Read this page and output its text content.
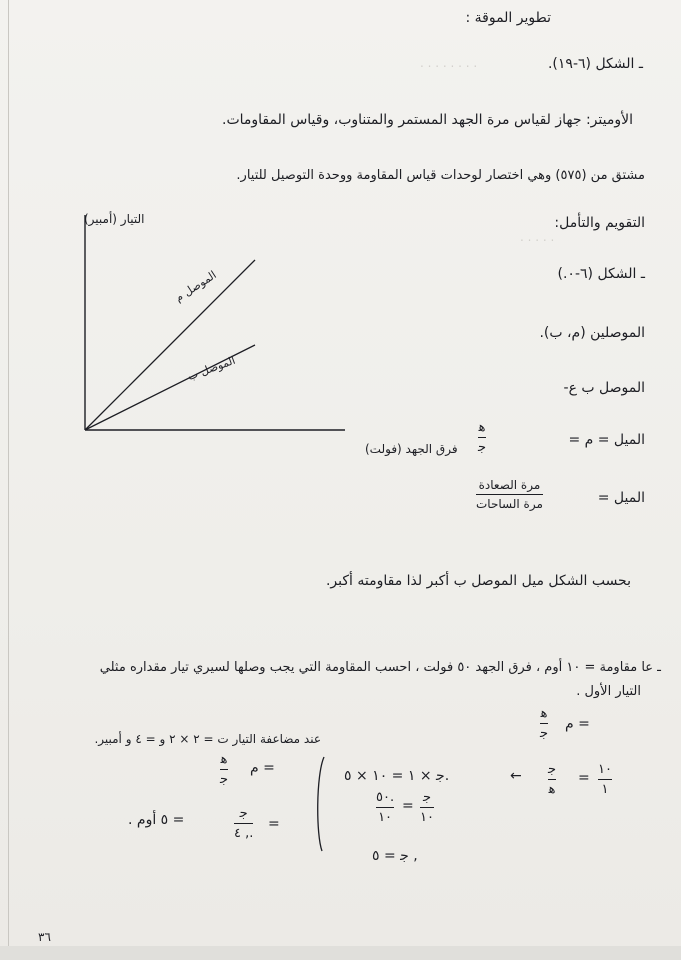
. . . . . . . .
. . . . .
تطوير الموقة :
ـ الشكل (٦-١٩).
الأوميتر: جهاز لقياس مرة الجهد المستمر والمتناوب، وقياس المقاومات.
مشتق من (٥٧٥) وهي اختصار لوحدات قياس المقاومة ووحدة التوصيل للتيار.
التقويم والتأمل:
ـ الشكل (٦-٠.)
الموصلين (م، ب).
الموصل ب ع-
الميل = م =
ﻫ
ﺟ
الميل =
مرة الصعادة
مرة الساحات
بحسب الشكل ميل الموصل ب أكبر لذا مقاومته أكبر.
ـ عا مقاومة = ١٠ أوم ، فرق الجهد ٥٠ فولت ، احسب المقاومة التي يجب وصلها لسيري تيار مقداره مثلي
التيار الأول .
م =
ﻫ
ﺟ
عند مضاعفة التيار ت = ٢ × ٢ و = ٤ و أمبير.
١٠
١
=
ﺟ
ﻫ
←
ﺟ × ١ = ١٠ × ٥.
ﺟ
١٠
=
٥٠.
١٠
ﺟ = ٥ ,
م =
ﻫ
ﺟ
=
ﺟ
٤ ,.
= ٥ أوم .
الموصل م
الموصل ب
التيار (أمبير)
فرق الجهد (فولت)
٣٦
